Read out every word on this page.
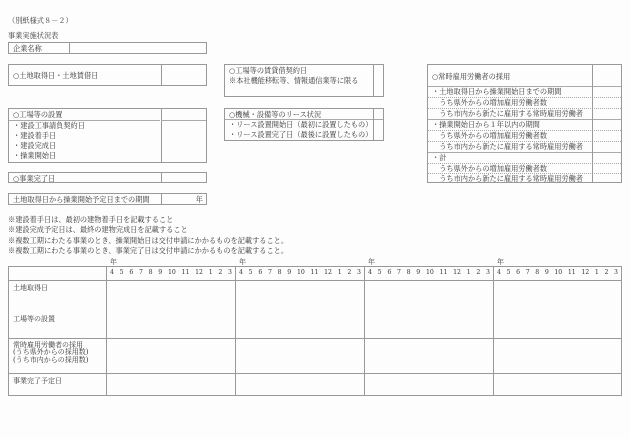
（別紙様式８－２）
事業実施状況表
企業名称
○土地取得日・土地賃借日
○工場等の設置
・建設工事請負契約日
・建設着手日
・建設完成日
・操業開始日
○事業完了日
土地取得日から操業開始予定日までの期間	年
○工場等の賃貸借契約日
※本社機能移転等、情報通信業等に限る
○機械・設備等のリース状況
・リース設置開始日（最初に設置したもの）
・リース設置完了日（最後に設置したもの）
○常時雇用労働者の採用
・土地取得日から操業開始日までの期間
　うち県外からの増加雇用労働者数
　うち市内から新たに雇用する常時雇用労働者
・操業開始日から１年以内の期間
　うち県外からの増加雇用労働者数
　うち市内から新たに雇用する常時雇用労働者
・計
　うち県外からの増加雇用労働者数
　うち市内から新たに雇用する常時雇用労働者
※建設着手日は、最初の建物着手日を記載すること
※建設完成予定日は、最終の建物完成日を記載すること
※複数工期にわたる事業のとき、操業開始日は交付申請にかかるものを記載すること。
※複数工期にわたる事業のとき、事業完了日は交付申請にかかるものを記載すること。
年	年	年	年

4 5 6 7 8 9 10 11 12 1 2 3	4 5 6 7 8 9 10 11 12 1 2 3	4 5 6 7 8 9 10 11 12 1 2 3	4 5 6 7 8 9 10 11 12 1 2 3

土地取得日
工場等の設置				

常時雇用労働者の採用
(うち県外からの採用数)
(うち市内からの採用数)				

事業完了予定日				
